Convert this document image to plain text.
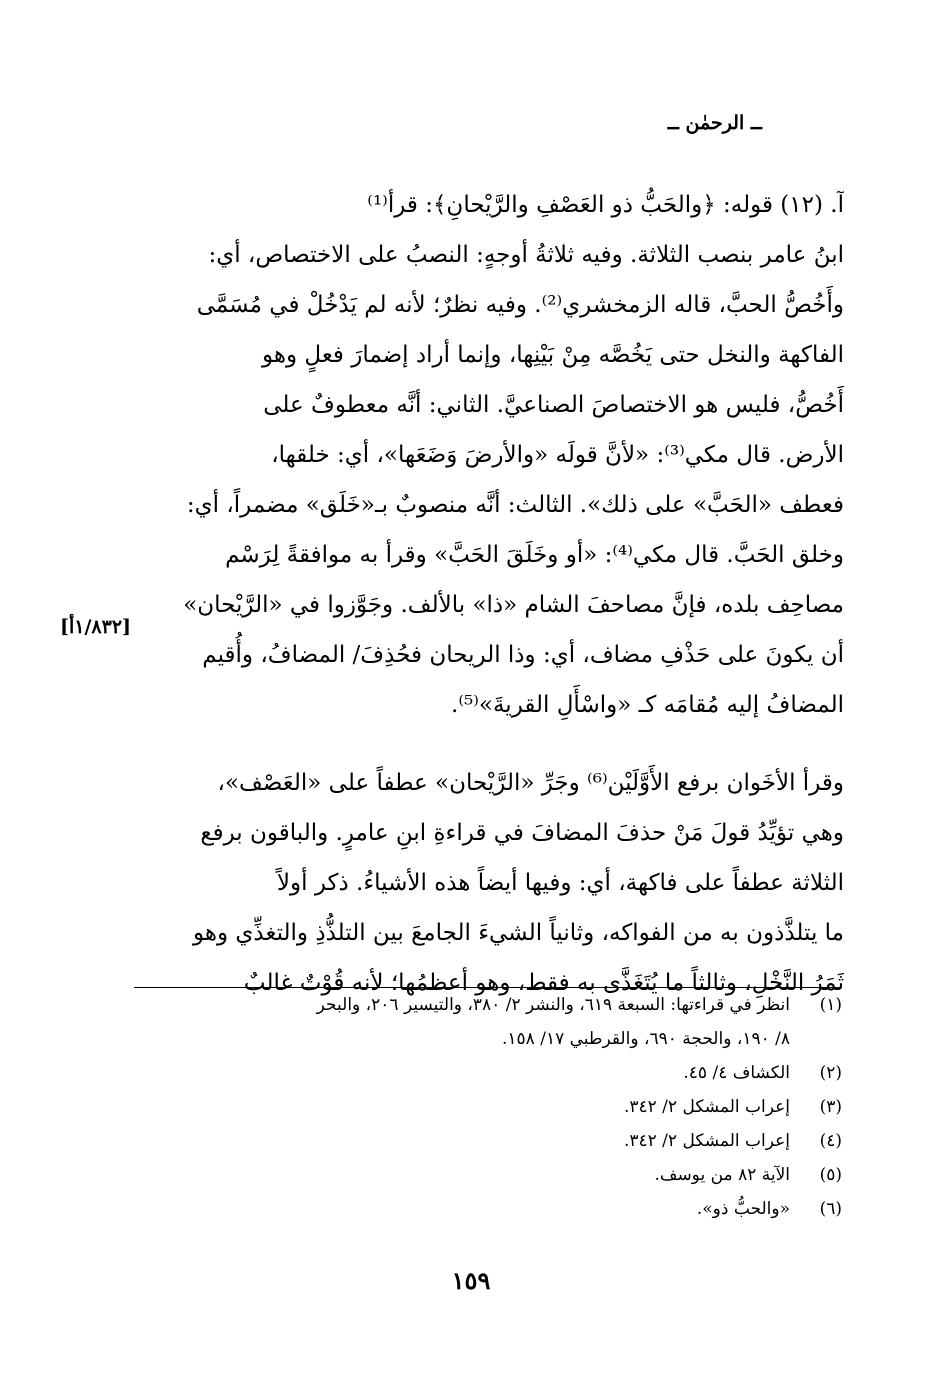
ــ الرحمٰن ــ
آ. (١٢) قوله: ﴿والحَبُّ ذو العَصْفِ والرَّيْحانِ﴾: قرأ⁽¹⁾
ابنُ عامر بنصب الثلاثة. وفيه ثلاثةُ أوجهٍ: النصبُ على الاختصاص، أي:
وأَخُصُّ الحبَّ، قاله الزمخشري⁽²⁾. وفيه نظرٌ؛ لأنه لم يَدْخُلْ في مُسَمَّى
الفاكهة والنخل حتى يَخُصَّه مِنْ بَيْنِها، وإنما أراد إضمارَ فعلٍ وهو
أَخُصُّ، فليس هو الاختصاصَ الصناعيَّ. الثاني: أنَّه معطوفٌ على
الأرض. قال مكي⁽³⁾: «لأنَّ قولَه «والأرضَ وَضَعَها»، أي: خلقها،
فعطف «الحَبَّ» على ذلك». الثالث: أنَّه منصوبٌ بـ«خَلَق» مضمراً، أي:
وخلق الحَبَّ. قال مكي⁽⁴⁾: «أو وخَلَقَ الحَبَّ» وقرأ به موافقةً لِرَسْم
مصاحِف بلده، فإنَّ مصاحفَ الشام «ذا» بالألف. وجَوَّزوا في «الرَّيْحان»
أن يكونَ على حَذْفِ مضاف، أي: وذا الريحان فحُذِفَ/ المضافُ، وأُقيم
المضافُ إليه مُقامَه كـ «واسْأَلِ القريةَ»⁽⁵⁾.
وقرأ الأخَوان برفع الأَوَّلَيْن⁽⁶⁾ وجَرِّ «الرَّيْحان» عطفاً على «العَصْف»،
وهي تؤيِّدُ قولَ مَنْ حذفَ المضافَ في قراءةِ ابنِ عامرٍ. والباقون برفع
الثلاثة عطفاً على فاكهة، أي: وفيها أيضاً هذه الأشياءُ. ذكر أولاً
ما يتلذَّذون به من الفواكه، وثانياً الشيءَ الجامعَ بين التلذُّذِ والتغذِّي وهو
ثَمَرُ النَّخْلِ، وثالثاً ما يُتَغَذَّى به فقط، وهو أعظمُها؛ لأنه قُوْتٌ غالبٌ
[١/٨٣٢أ]
(١)
انظر في قراءتها: السبعة ٦١٩، والنشر ٢/ ٣٨٠، والتيسير ٢٠٦، والبحر
٨/ ١٩٠، والحجة ٦٩٠، والقرطبي ١٧/ ١٥٨.
(٢)
الكشاف ٤/ ٤٥.
(٣)
إعراب المشكل ٢/ ٣٤٢.
(٤)
إعراب المشكل ٢/ ٣٤٢.
(٥)
الآية ٨٢ من يوسف.
(٦)
«والحبُّ ذو».
١٥٩
